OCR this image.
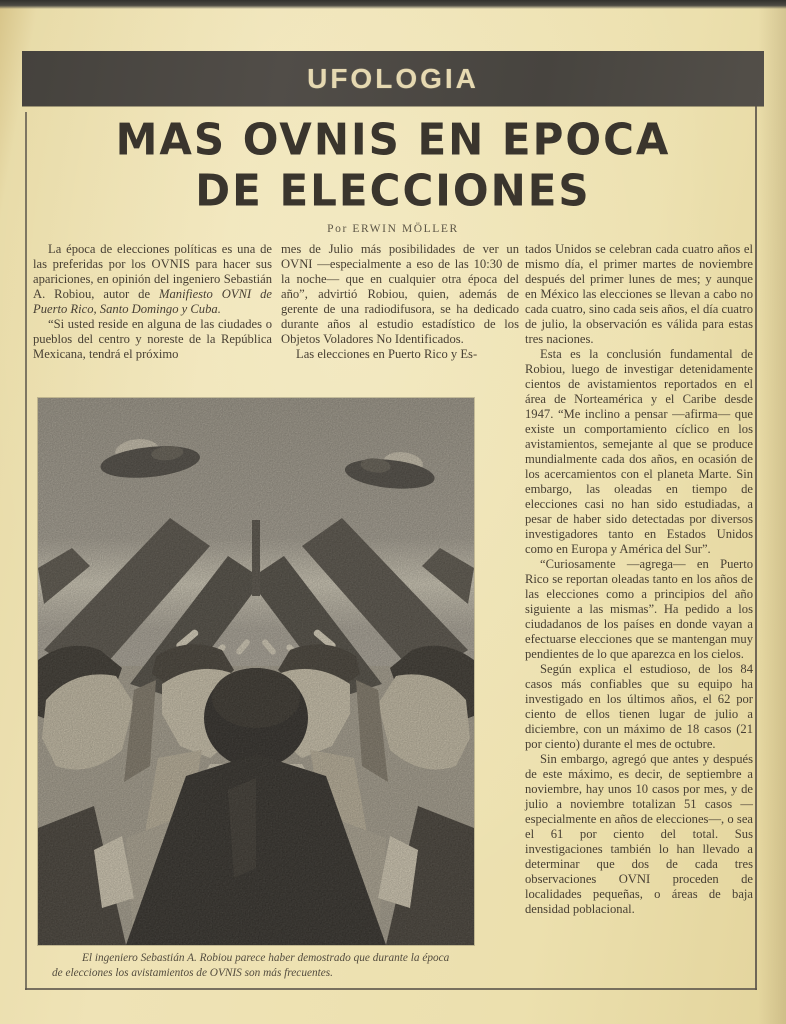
UFOLOGIA
MAS OVNIS EN EPOCA
DE ELECCIONES
Por ERWIN MÖLLER

La época de elecciones políticas es una de las preferidas por los OVNIS para hacer sus apariciones, en opinión del ingeniero Sebastián A. Robiou, autor de Manifiesto OVNI de Puerto Rico, Santo Domingo y Cuba.

“Si usted reside en alguna de las ciudades o pueblos del centro y noreste de la República Mexicana, tendrá el próximo

mes de Julio más posibilidades de ver un OVNI —especialmente a eso de las 10:30 de la noche— que en cualquier otra época del año”, advirtió Robiou, quien, además de gerente de una radiodifusora, se ha dedicado durante años al estudio estadístico de los Objetos Voladores No Identificados.

Las elecciones en Puerto Rico y Es-

tados Unidos se celebran cada cuatro años el mismo día, el primer martes de noviembre después del primer lunes de mes; y aunque en México las elecciones se llevan a cabo no cada cuatro, sino cada seis años, el día cuatro de julio, la observación es válida para estas tres naciones.

Esta es la conclusión fundamental de Robiou, luego de investigar detenidamente cientos de avistamientos reportados en el área de Norteamérica y el Caribe desde 1947. “Me inclino a pensar —afirma— que existe un comportamiento cíclico en los avistamientos, semejante al que se produce mundialmente cada dos años, en ocasión de los acercamientos con el planeta Marte. Sin embargo, las oleadas en tiempo de elecciones casi no han sido estudiadas, a pesar de haber sido detectadas por diversos investigadores tanto en Estados Unidos como en Europa y América del Sur”.

“Curiosamente —agrega— en Puerto Rico se reportan oleadas tanto en los años de las elecciones como a principios del año siguiente a las mismas”. Ha pedido a los ciudadanos de los países en donde vayan a efectuarse elecciones que se mantengan muy pendientes de lo que aparezca en los cielos.

Según explica el estudioso, de los 84 casos más confiables que su equipo ha investigado en los últimos años, el 62 por ciento de ellos tienen lugar de julio a diciembre, con un máximo de 18 casos (21 por ciento) durante el mes de octubre.

Sin embargo, agregó que antes y después de este máximo, es decir, de septiembre a noviembre, hay unos 10 casos por mes, y de julio a noviembre totalizan 51 casos —especialmente en años de elecciones—, o sea el 61 por ciento del total. Sus investigaciones también lo han llevado a determinar que dos de cada tres observaciones OVNI proceden de localidades pequeñas, o áreas de baja densidad poblacional.

El ingeniero Sebastián A. Robiou parece haber demostrado que durante la época de elecciones los avistamientos de OVNIS son más frecuentes.
